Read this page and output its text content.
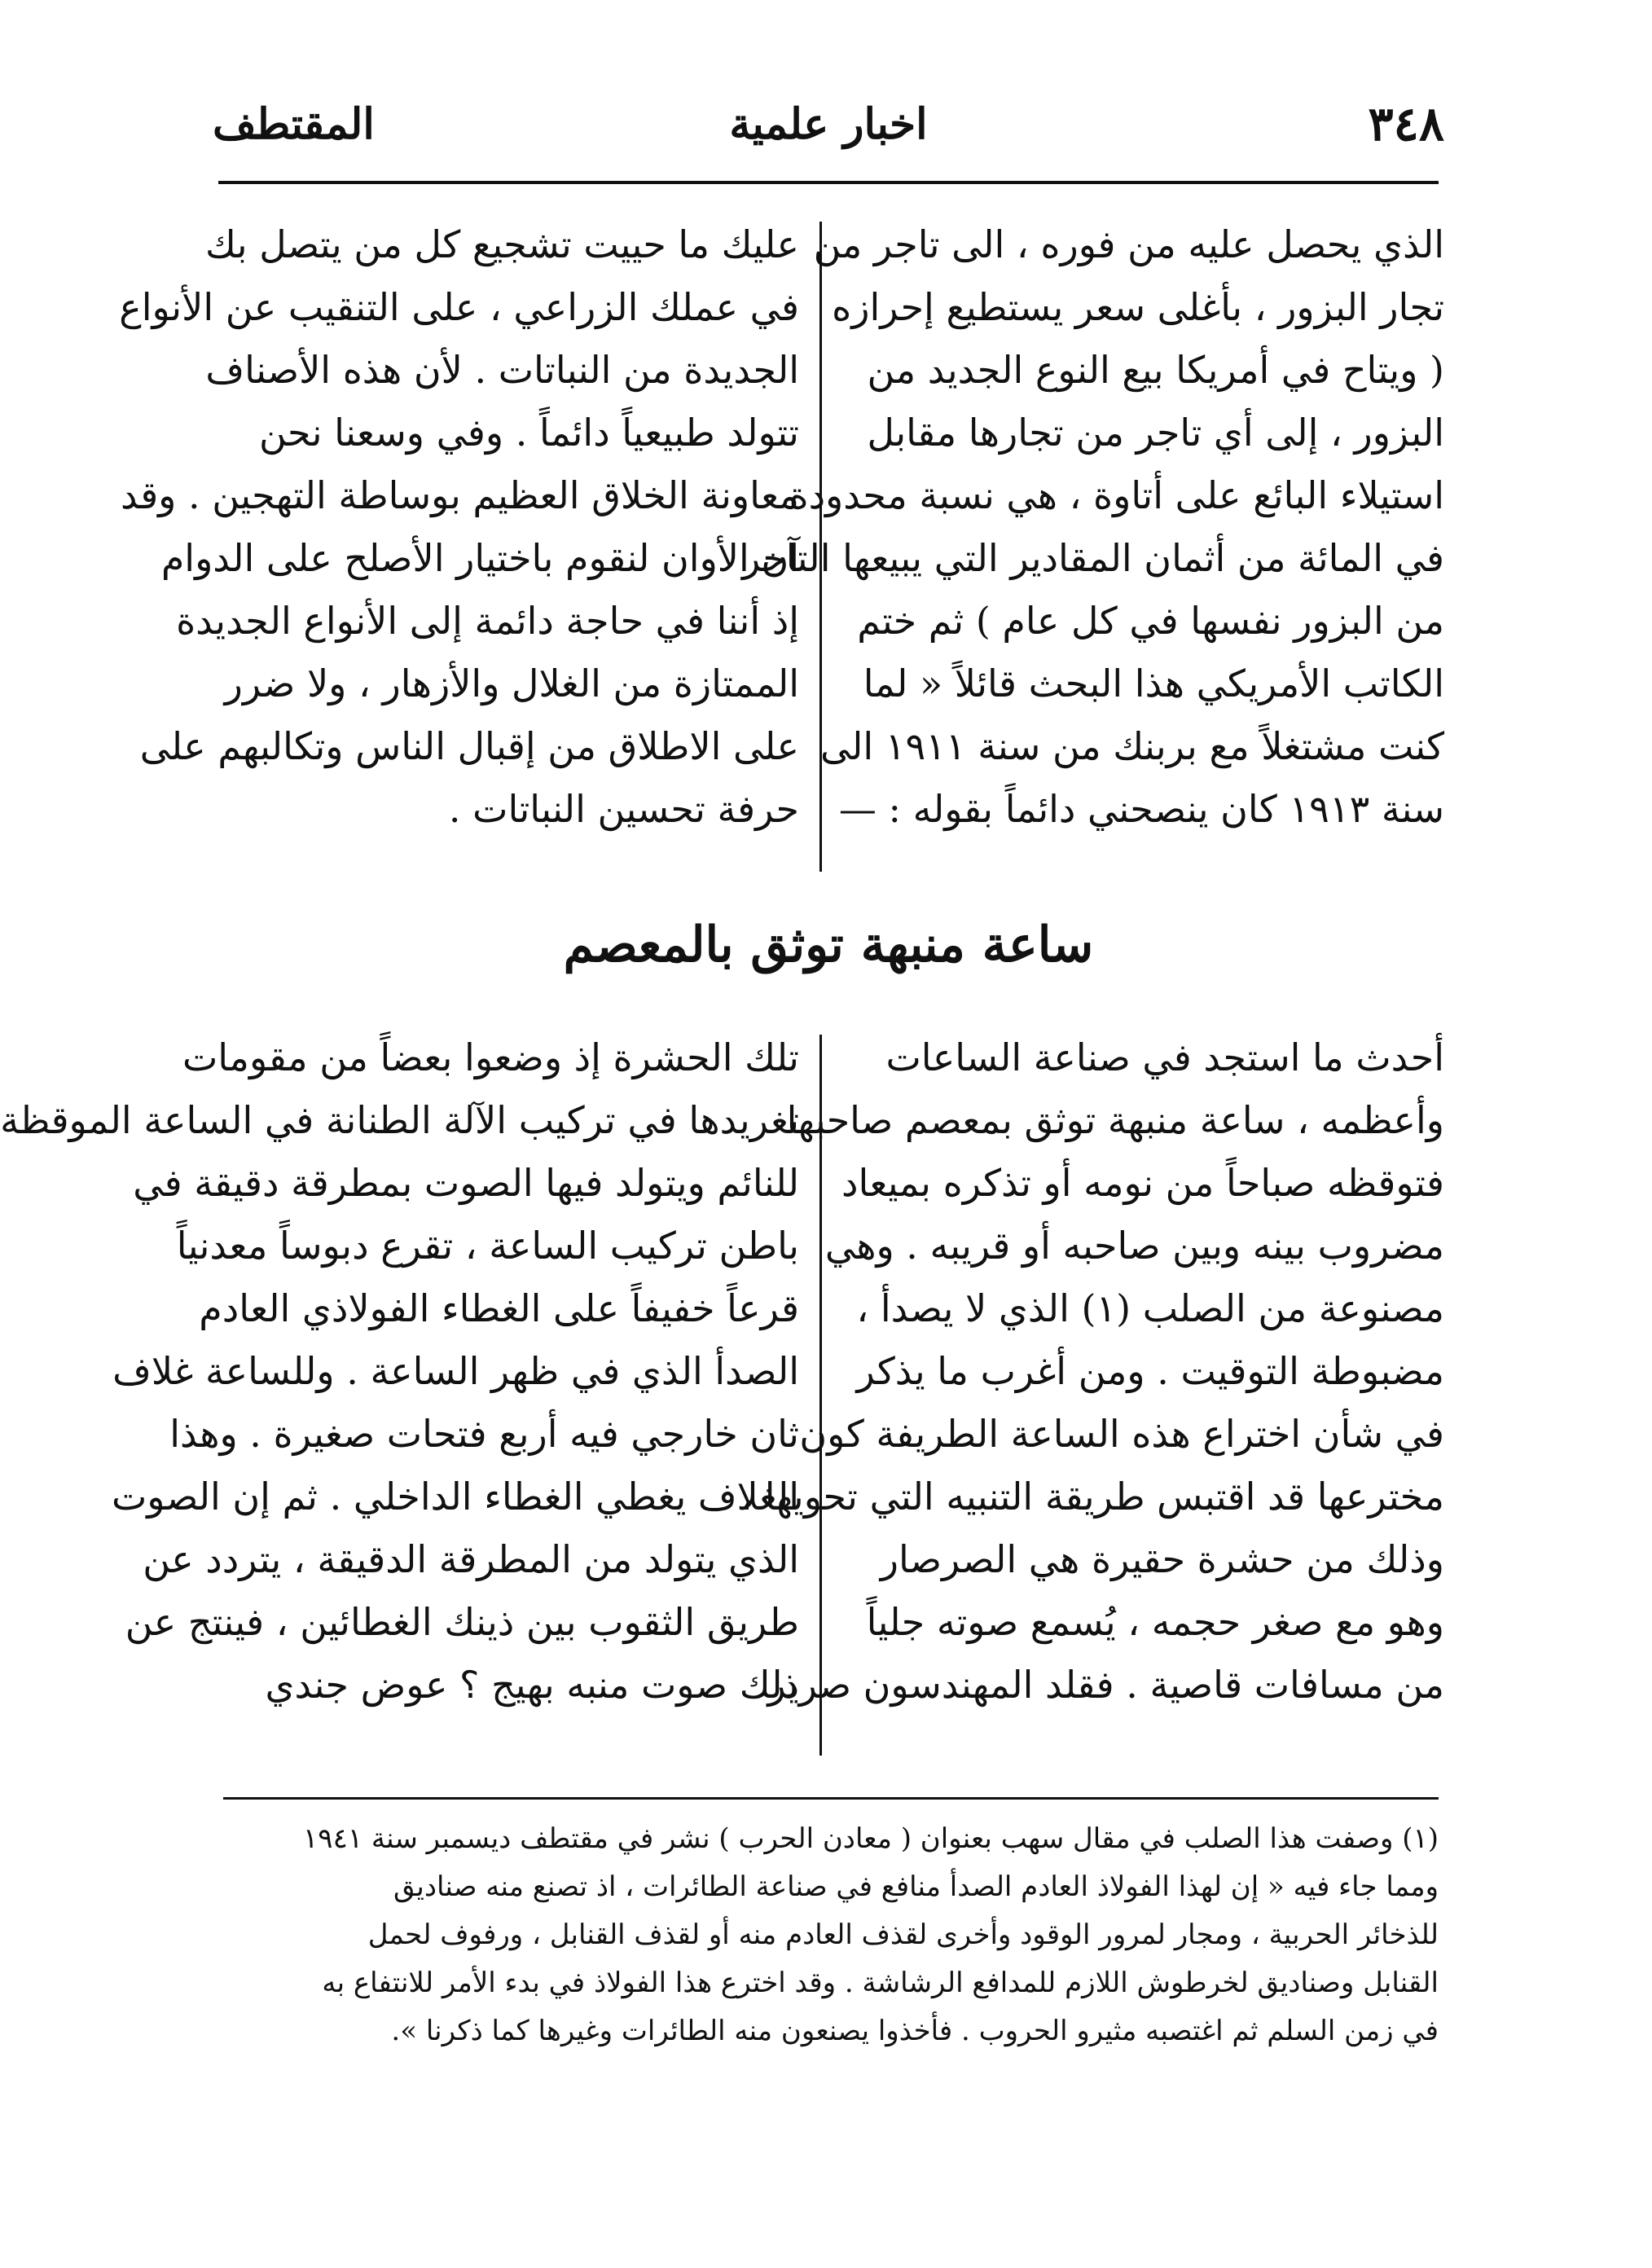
٣٤٨
اخبار علمية
المقتطف
الذي يحصل عليه من فوره ، الى تاجر من
تجار البزور ، بأغلى سعر يستطيع إحرازه
( ويتاح في أمريكا بيع النوع الجديد من
البزور ، إلى أي تاجر من تجارها مقابل
استيلاء البائع على أتاوة ، هي نسبة محدودة
في المائة من أثمان المقادير التي يبيعها التاجر
من البزور نفسها في كل عام ) ثم ختم
الكاتب الأمريكي هذا البحث قائلاً « لما
كنت مشتغلاً مع بربنك من سنة ١٩١١ الى
سنة ١٩١٣ كان ينصحني دائماً بقوله : —
عليك ما حييت تشجيع كل من يتصل بك
في عملك الزراعي ، على التنقيب عن الأنواع
الجديدة من النباتات . لأن هذه الأصناف
تتولد طبيعياً دائماً . وفي وسعنا نحن
معاونة الخلاق العظيم بوساطة التهجين . وقد
آن الأوان لنقوم باختيار الأصلح على الدوام
إذ أننا في حاجة دائمة إلى الأنواع الجديدة
الممتازة من الغلال والأزهار ، ولا ضرر
على الاطلاق من إقبال الناس وتكالبهم على
حرفة تحسين النباتات .
ساعة منبهة توثق بالمعصم
أحدث ما استجد في صناعة الساعات
وأعظمه ، ساعة منبهة توثق بمعصم صاحبها
فتوقظه صباحاً من نومه أو تذكره بميعاد
مضروب بينه وبين صاحبه أو قريبه . وهي
مصنوعة من الصلب (١) الذي لا يصدأ ،
مضبوطة التوقيت . ومن أغرب ما يذكر
في شأن اختراع هذه الساعة الطريفة كون
مخترعها قد اقتبس طريقة التنبيه التي تحويها ،
وذلك من حشرة حقيرة هي الصرصار
وهو مع صغر حجمه ، يُسمع صوته جلياً
من مسافات قاصية . فقلد المهندسون صرير
تلك الحشرة إذ وضعوا بعضاً من مقومات
تغريدها في تركيب الآلة الطنانة في الساعة الموقظة
للنائم ويتولد فيها الصوت بمطرقة دقيقة في
باطن تركيب الساعة ، تقرع دبوساً معدنياً
قرعاً خفيفاً على الغطاء الفولاذي العادم
الصدأ الذي في ظهر الساعة . وللساعة غلاف
ثان خارجي فيه أربع فتحات صغيرة . وهذا
الغلاف يغطي الغطاء الداخلي . ثم إن الصوت
الذي يتولد من المطرقة الدقيقة ، يتردد عن
طريق الثقوب بين ذينك الغطائين ، فينتج عن
ذلك صوت منبه بهيج ؟ عوض جندي
(١) وصفت هذا الصلب في مقال سهب بعنوان ( معادن الحرب ) نشر في مقتطف ديسمبر سنة ١٩٤١
ومما جاء فيه « إن لهذا الفولاذ العادم الصدأ منافع في صناعة الطائرات ، اذ تصنع منه صناديق
للذخائر الحربية ، ومجار لمرور الوقود وأخرى لقذف العادم منه أو لقذف القنابل ، ورفوف لحمل
القنابل وصناديق لخرطوش اللازم للمدافع الرشاشة . وقد اخترع هذا الفولاذ في بدء الأمر للانتفاع به
في زمن السلم ثم اغتصبه مثيرو الحروب . فأخذوا يصنعون منه الطائرات وغيرها كما ذكرنا ».
